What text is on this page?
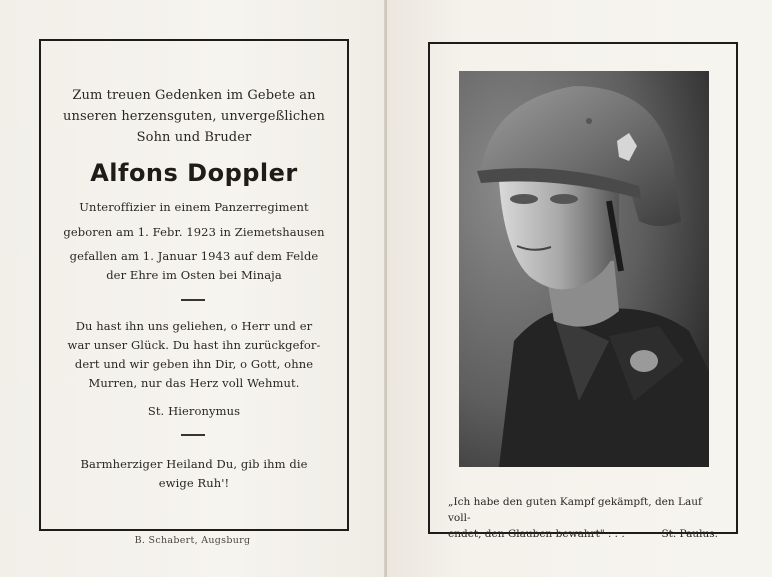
Zum treuen Gedenken im Gebete an
unseren herzensguten, unvergeßlichen
Sohn und Bruder
Alfons Doppler
Unteroffizier in einem Panzerregiment
geboren am 1. Febr. 1923 in Ziemetshausen
gefallen am 1. Januar 1943 auf dem Felde
der Ehre im Osten bei Minaja
Du hast ihn uns geliehen, o Herr und er
war unser Glück. Du hast ihn zurückgefor-
dert und wir geben ihn Dir, o Gott, ohne
Murren, nur das Herz voll Wehmut.
St. Hieronymus
Barmherziger Heiland Du, gib ihm die
ewige Ruh'!
B. Schabert, Augsburg
„Ich habe den guten Kampf gekämpft, den Lauf voll-
endet, den Glauben bewahrt" . . .	St. Paulus.
